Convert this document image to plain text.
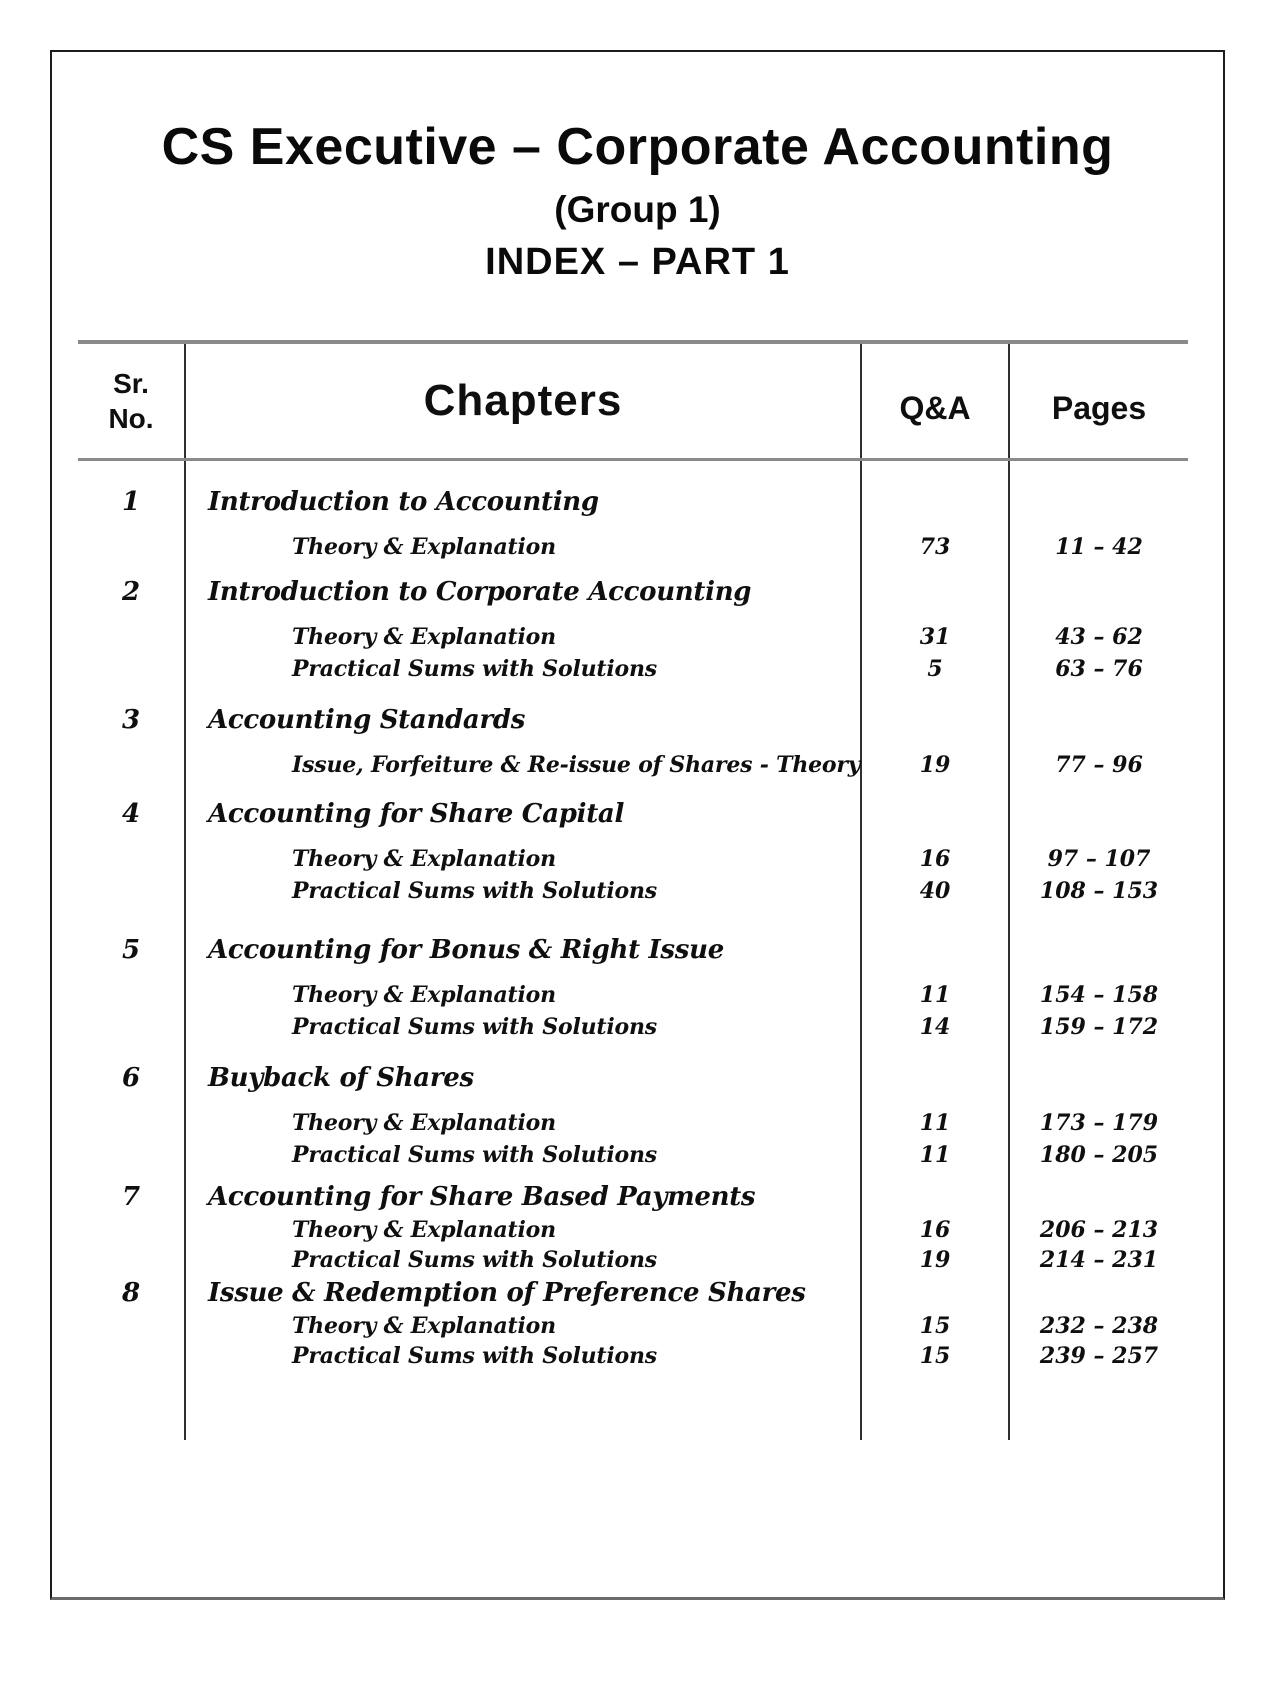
CS Executive – Corporate Accounting
(Group 1)
INDEX – PART 1
Sr.
No.	Chapters	Q&A	Pages
1	Introduction to Accounting
Theory & Explanation	73	11 – 42
2	Introduction to Corporate Accounting
Theory & Explanation	31	43 – 62
Practical Sums with Solutions	5	63 – 76
3	Accounting Standards
Issue, Forfeiture & Re-issue of Shares - Theory	19	77 – 96
4	Accounting for Share Capital
Theory & Explanation	16	97 – 107
Practical Sums with Solutions	40	108 – 153
5	Accounting for Bonus & Right Issue
Theory & Explanation	11	154 – 158
Practical Sums with Solutions	14	159 – 172
6	Buyback of Shares
Theory & Explanation	11	173 – 179
Practical Sums with Solutions	11	180 – 205
7	Accounting for Share Based Payments
Theory & Explanation	16	206 – 213
Practical Sums with Solutions	19	214 – 231
8	Issue & Redemption of Preference Shares
Theory & Explanation	15	232 – 238
Practical Sums with Solutions	15	239 – 257
